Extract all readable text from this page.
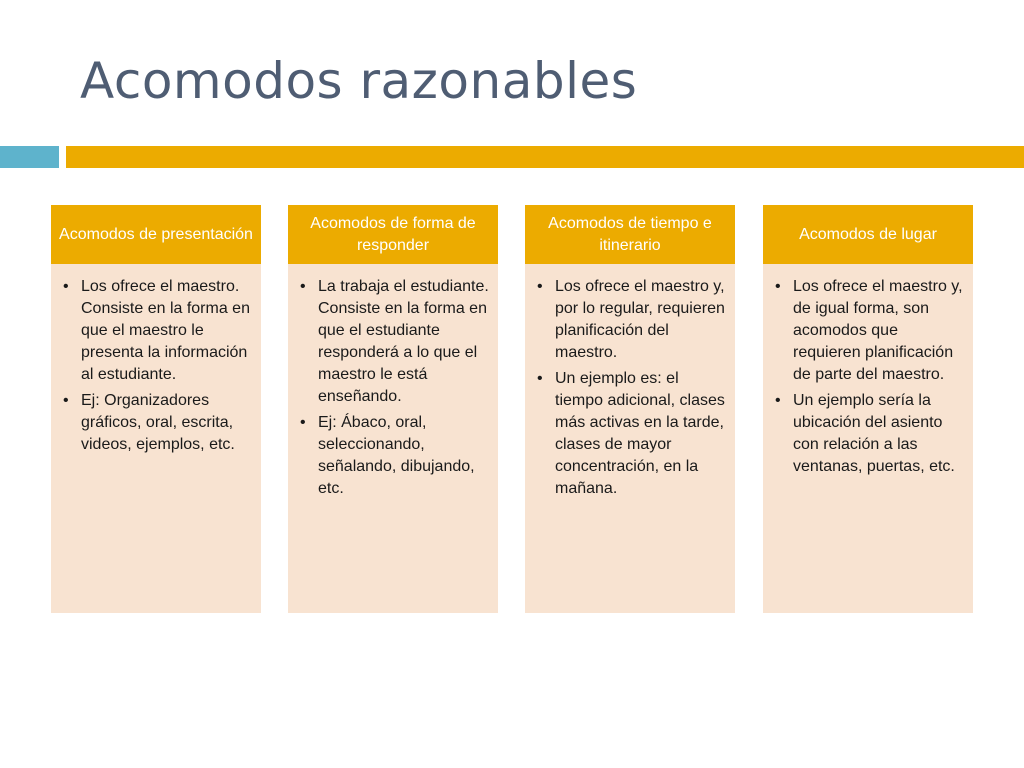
Acomodos razonables
Acomodos de presentación
• Los ofrece el maestro. Consiste en la forma en que el maestro le presenta la información al estudiante.
• Ej: Organizadores gráficos, oral, escrita, videos, ejemplos, etc.
Acomodos de forma de responder
• La trabaja el estudiante. Consiste en la forma en que el estudiante responderá a lo que el maestro le está enseñando.
• Ej: Ábaco, oral, seleccionando, señalando, dibujando, etc.
Acomodos de tiempo e itinerario
• Los ofrece el maestro y, por lo regular, requieren planificación del maestro.
• Un ejemplo es: el tiempo adicional, clases más activas en la tarde, clases de mayor concentración, en la mañana.
Acomodos de lugar
• Los ofrece el maestro y, de igual forma, son acomodos que requieren planificación de parte del maestro.
• Un ejemplo sería la ubicación del asiento con relación a las ventanas, puertas, etc.
